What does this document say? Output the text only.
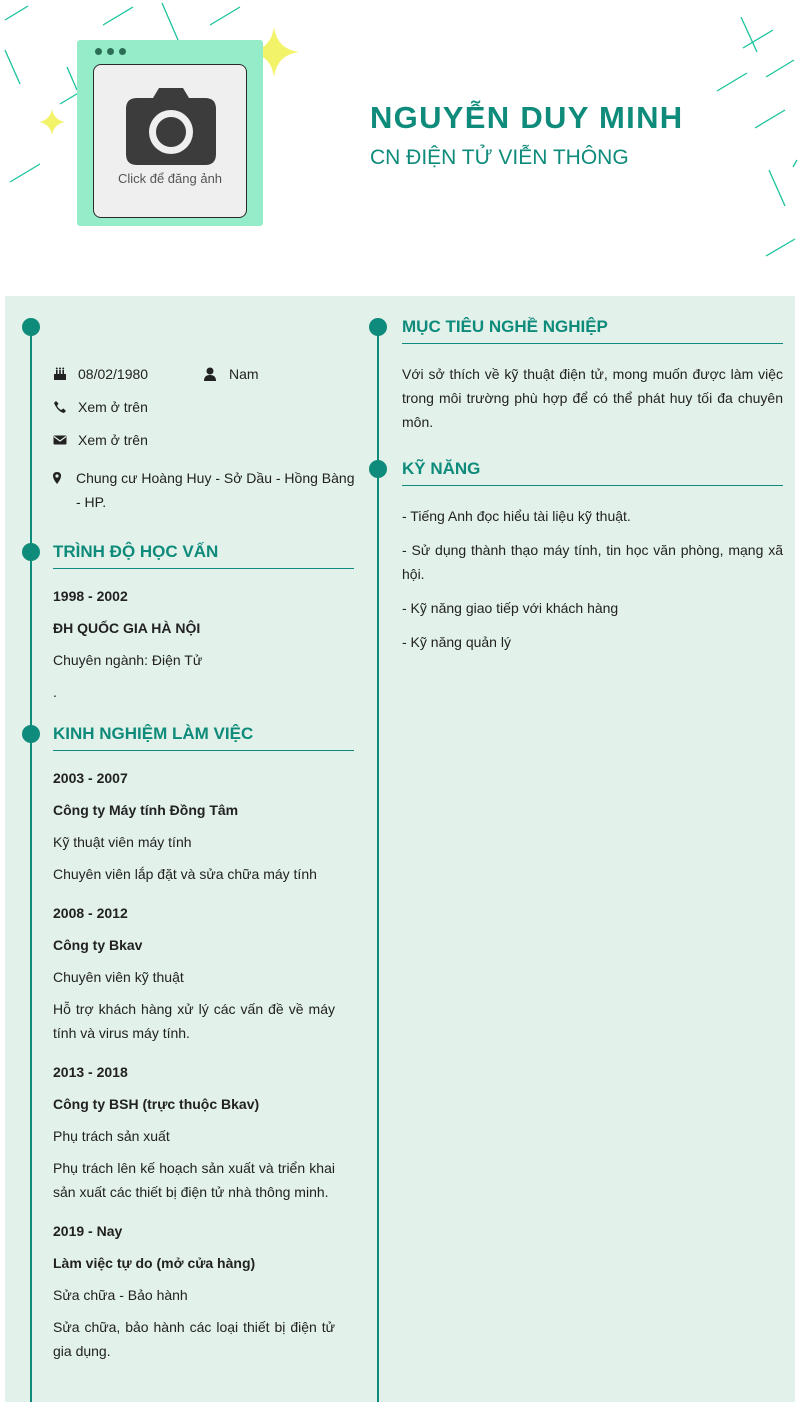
Click để đăng ảnh
NGUYỄN DUY MINH
CN ĐIỆN TỬ VIỄN THÔNG
08/02/1980	Nam
Xem ở trên
Xem ở trên
Chung cư Hoàng Huy - Sở Dầu - Hồng Bàng - HP.
TRÌNH ĐỘ HỌC VẤN
1998 - 2002
ĐH QUỐC GIA HÀ NỘI
Chuyên ngành: Điện Tử
.
KINH NGHIỆM LÀM VIỆC
2003 - 2007
Công ty Máy tính Đồng Tâm
Kỹ thuật viên máy tính
Chuyên viên lắp đặt và sửa chữa máy tính
2008 - 2012
Công ty Bkav
Chuyên viên kỹ thuật
Hỗ trợ khách hàng xử lý các vấn đề về máy tính và virus máy tính.
2013 - 2018
Công ty BSH (trực thuộc Bkav)
Phụ trách sản xuất
Phụ trách lên kế hoạch sản xuất và triển khai sản xuất các thiết bị điện tử nhà thông minh.
2019 - Nay
Làm việc tự do (mở cửa hàng)
Sửa chữa - Bảo hành
Sửa chữa, bảo hành các loại thiết bị điện tử gia dụng.
MỤC TIÊU NGHỀ NGHIỆP
Với sở thích về kỹ thuật điện tử, mong muốn được làm việc trong môi trường phù hợp để có thể phát huy tối đa chuyên môn.
KỸ NĂNG
- Tiếng Anh đọc hiểu tài liệu kỹ thuật.
- Sử dụng thành thạo máy tính, tin học văn phòng, mạng xã hội.
- Kỹ năng giao tiếp với khách hàng
- Kỹ năng quản lý
